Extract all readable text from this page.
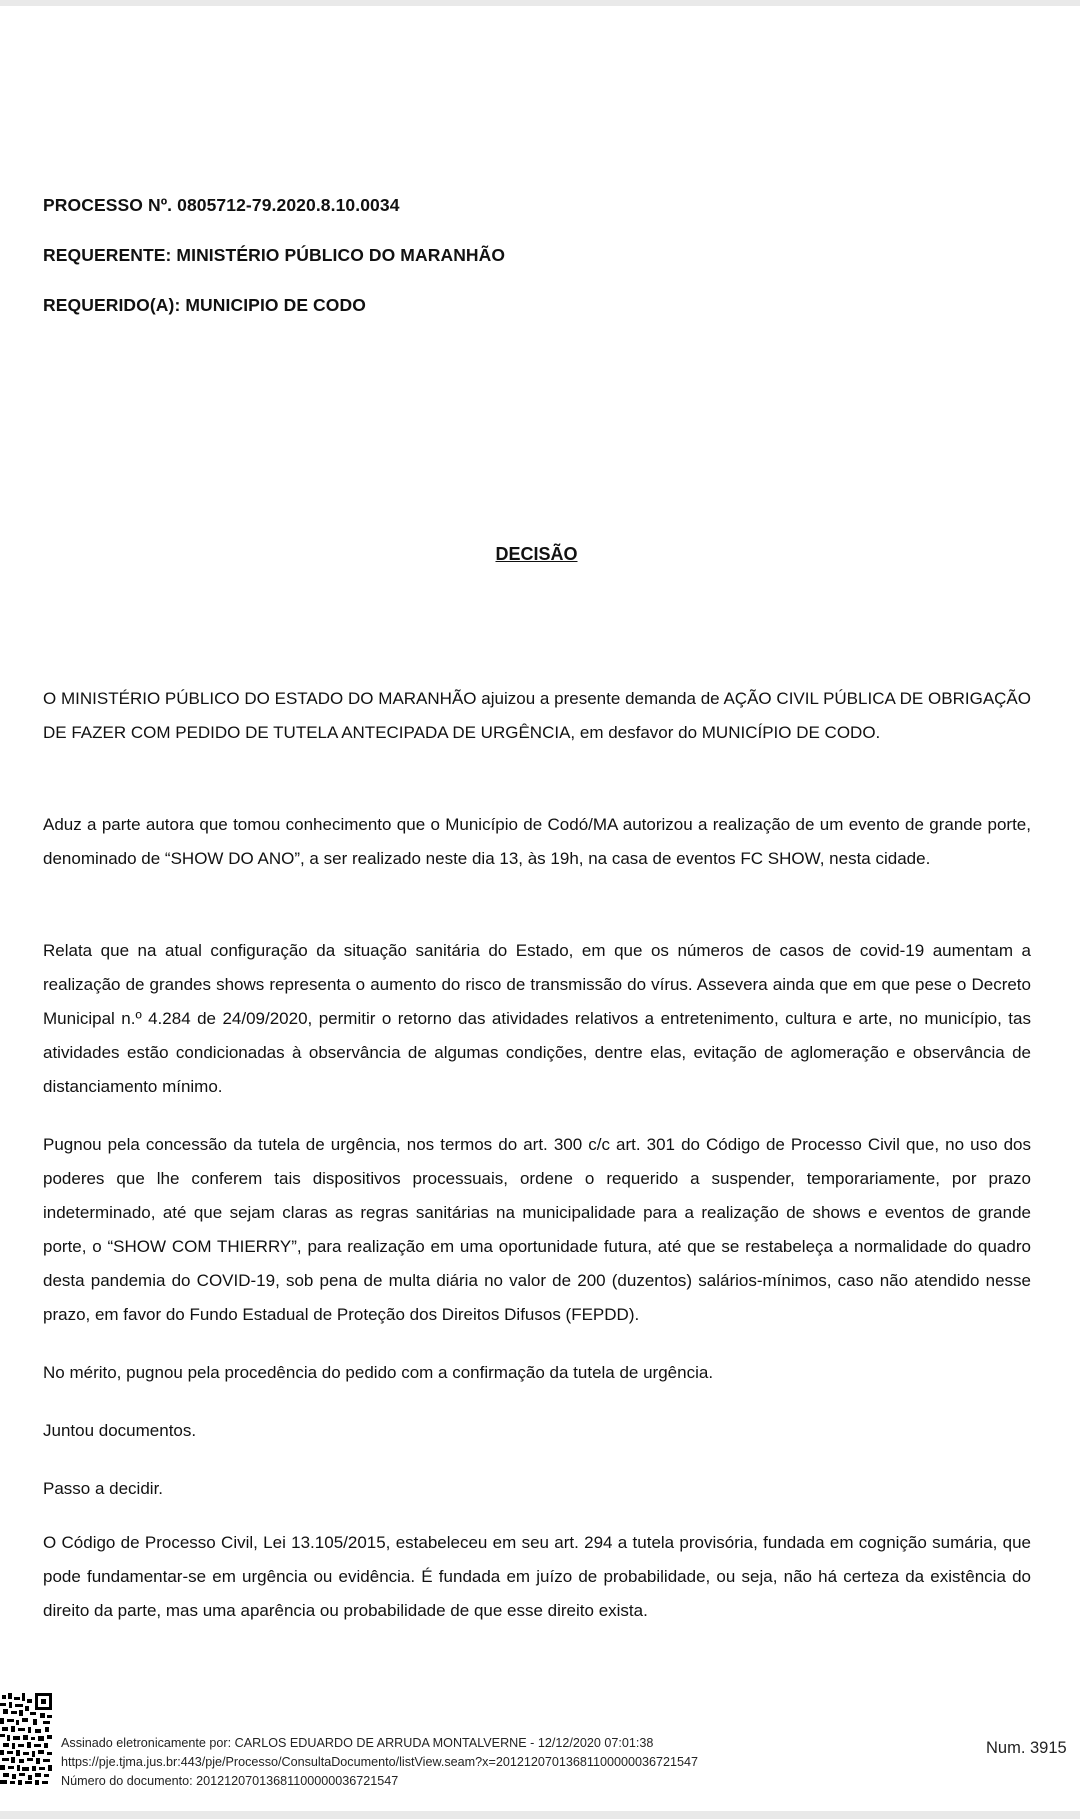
PROCESSO Nº. 0805712-79.2020.8.10.0034
REQUERENTE: MINISTÉRIO PÚBLICO DO MARANHÃO
REQUERIDO(A): MUNICIPIO DE CODO
DECISÃO
O MINISTÉRIO PÚBLICO DO ESTADO DO MARANHÃO ajuizou a presente demanda de AÇÃO CIVIL PÚBLICA DE OBRIGAÇÃO DE FAZER COM PEDIDO DE TUTELA ANTECIPADA DE URGÊNCIA, em desfavor do MUNICÍPIO DE CODO.
Aduz a parte autora que tomou conhecimento que o Município de Codó/MA autorizou a realização de um evento de grande porte, denominado de “SHOW DO ANO”, a ser realizado neste dia 13, às 19h, na casa de eventos FC SHOW, nesta cidade.
Relata que na atual configuração da situação sanitária do Estado, em que os números de casos de covid-19 aumentam a realização de grandes shows representa o aumento do risco de transmissão do vírus. Assevera ainda que em que pese o Decreto Municipal n.º 4.284 de 24/09/2020, permitir o retorno das atividades relativos a entretenimento, cultura e arte, no município, tas atividades estão condicionadas à observância de algumas condições, dentre elas, evitação de aglomeração e observância de distanciamento mínimo.
Pugnou pela concessão da tutela de urgência, nos termos do art. 300 c/c art. 301 do Código de Processo Civil que, no uso dos poderes que lhe conferem tais dispositivos processuais, ordene o requerido a suspender, temporariamente, por prazo indeterminado, até que sejam claras as regras sanitárias na municipalidade para a realização de shows e eventos de grande porte, o “SHOW COM THIERRY”, para realização em uma oportunidade futura, até que se restabeleça a normalidade do quadro desta pandemia do COVID-19, sob pena de multa diária no valor de 200 (duzentos) salários-mínimos, caso não atendido nesse prazo, em favor do Fundo Estadual de Proteção dos Direitos Difusos (FEPDD).
No mérito, pugnou pela procedência do pedido com a confirmação da tutela de urgência.
Juntou documentos.
Passo a decidir.
O Código de Processo Civil, Lei 13.105/2015, estabeleceu em seu art. 294 a tutela provisória, fundada em cognição sumária, que pode fundamentar-se em urgência ou evidência. É fundada em juízo de probabilidade, ou seja, não há certeza da existência do direito da parte, mas uma aparência ou probabilidade de que esse direito exista.
Assinado eletronicamente por: CARLOS EDUARDO DE ARRUDA MONTALVERNE - 12/12/2020 07:01:38
https://pje.tjma.jus.br:443/pje/Processo/ConsultaDocumento/listView.seam?x=20121207013681100000036721547
Número do documento: 20121207013681100000036721547
Num. 3915
